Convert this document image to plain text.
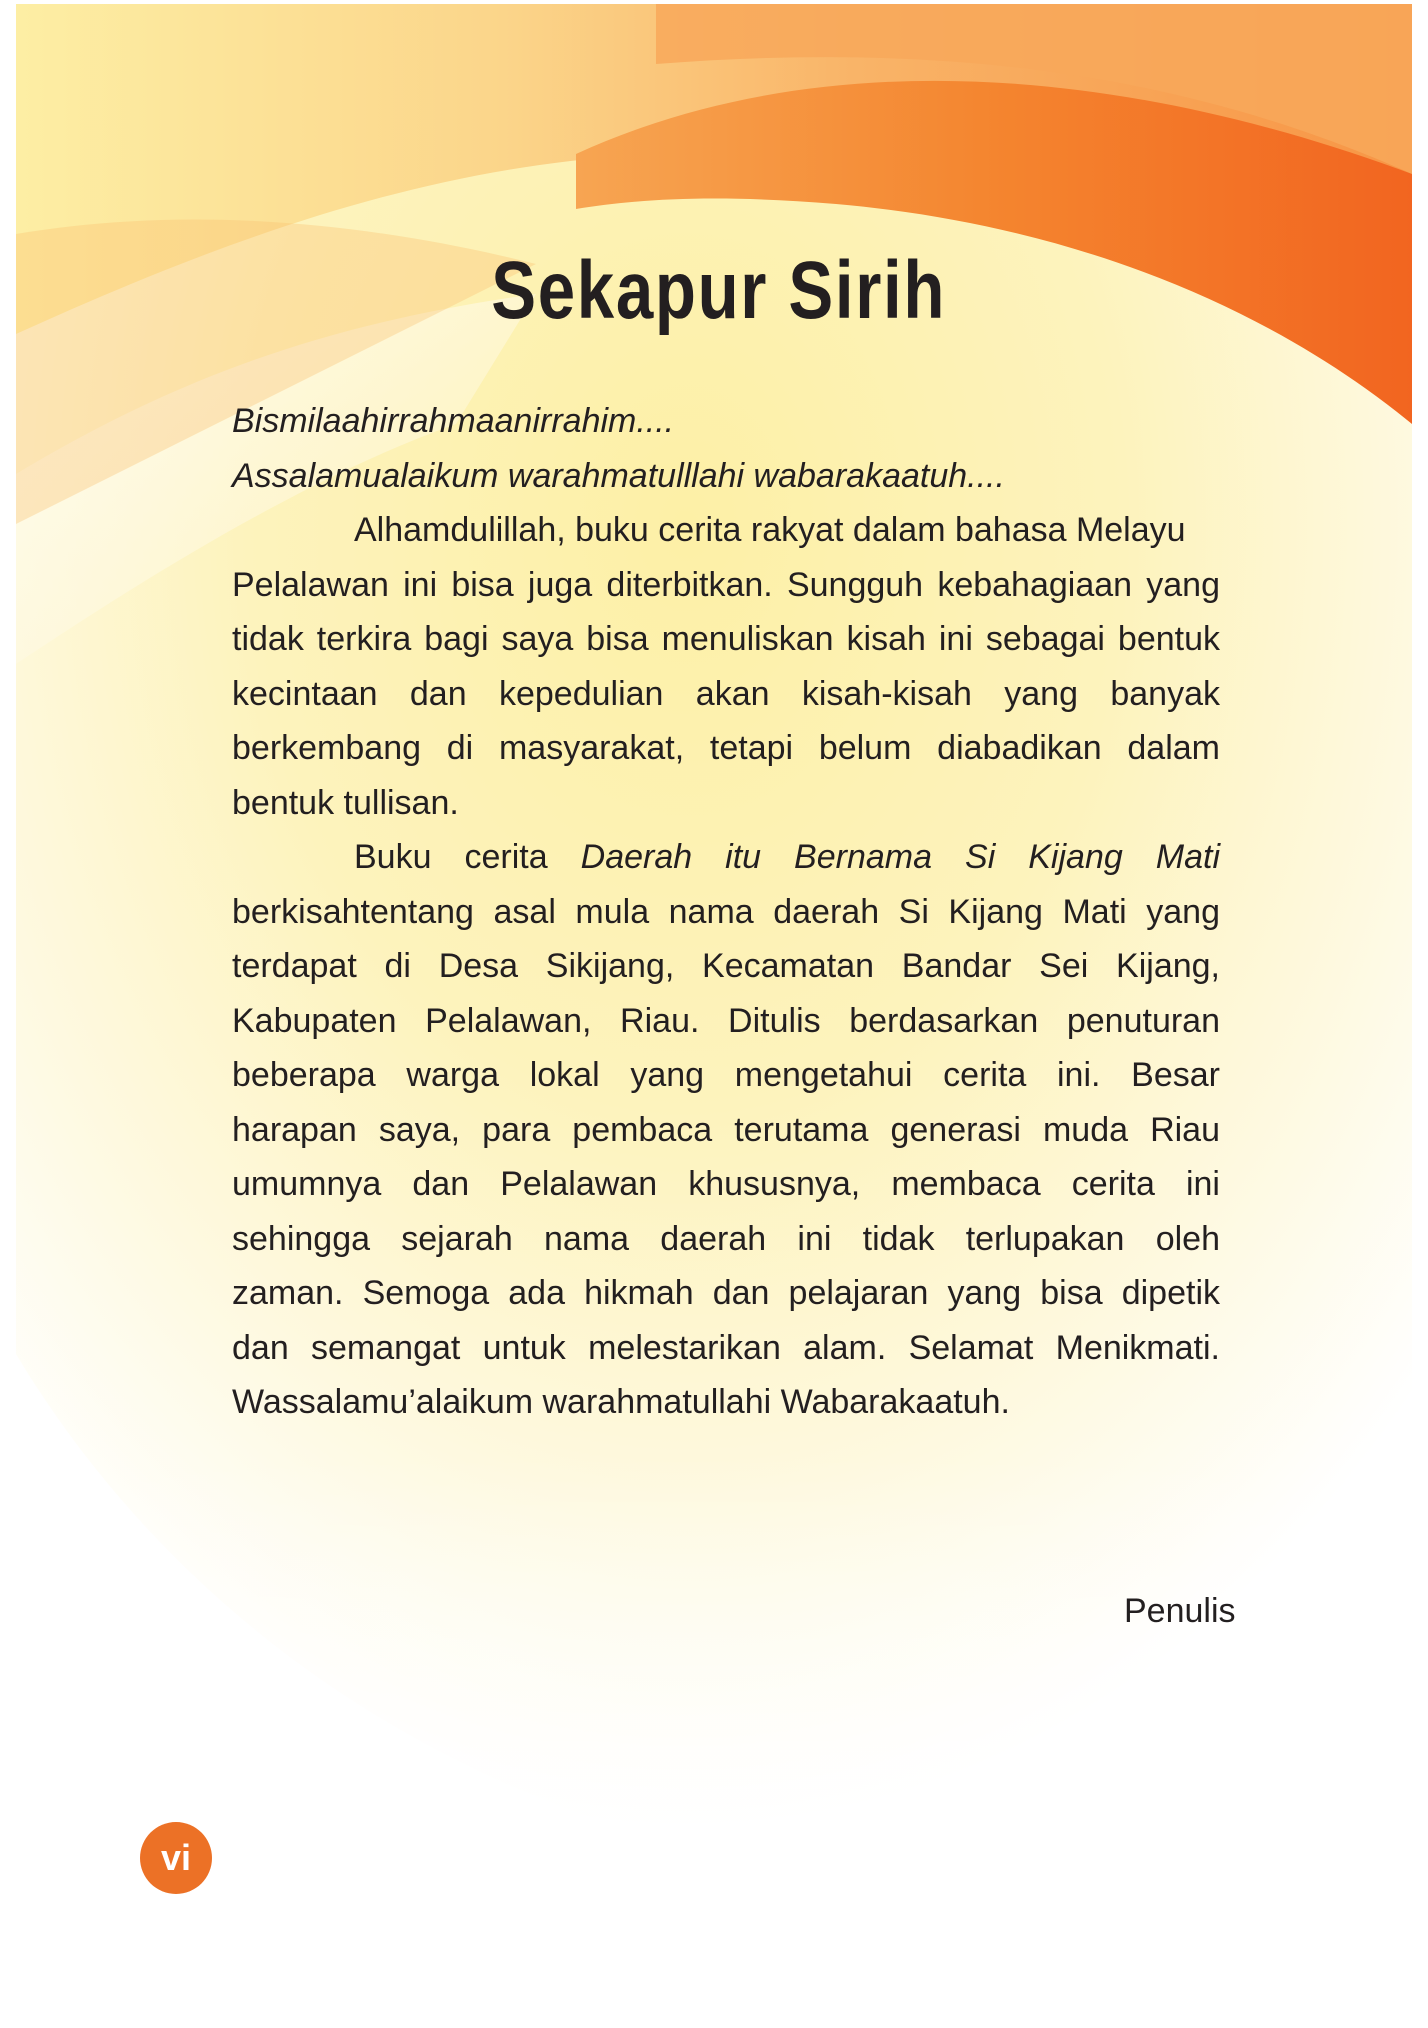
Sekapur Sirih
Bismilaahirrahmaanirrahim....
Assalamualaikum warahmatulllahi wabarakaatuh....
Alhamdulillah, buku cerita rakyat dalam bahasa Melayu
Pelalawan ini bisa juga diterbitkan. Sungguh kebahagiaan yang
tidak terkira bagi saya bisa menuliskan kisah ini sebagai bentuk
kecintaan dan kepedulian akan kisah-kisah yang banyak
berkembang di masyarakat, tetapi belum diabadikan dalam
bentuk tullisan.
Buku cerita Daerah itu Bernama Si Kijang Mati
berkisahtentang asal mula nama daerah Si Kijang Mati yang
terdapat di Desa Sikijang, Kecamatan Bandar Sei Kijang,
Kabupaten Pelalawan, Riau. Ditulis berdasarkan penuturan
beberapa warga lokal yang mengetahui cerita ini. Besar
harapan saya, para pembaca terutama generasi muda Riau
umumnya dan Pelalawan khususnya, membaca cerita ini
sehingga sejarah nama daerah ini tidak terlupakan oleh
zaman. Semoga ada hikmah dan pelajaran yang bisa dipetik
dan semangat untuk melestarikan alam. Selamat Menikmati.
Wassalamu’alaikum warahmatullahi Wabarakaatuh.
Penulis
vi
